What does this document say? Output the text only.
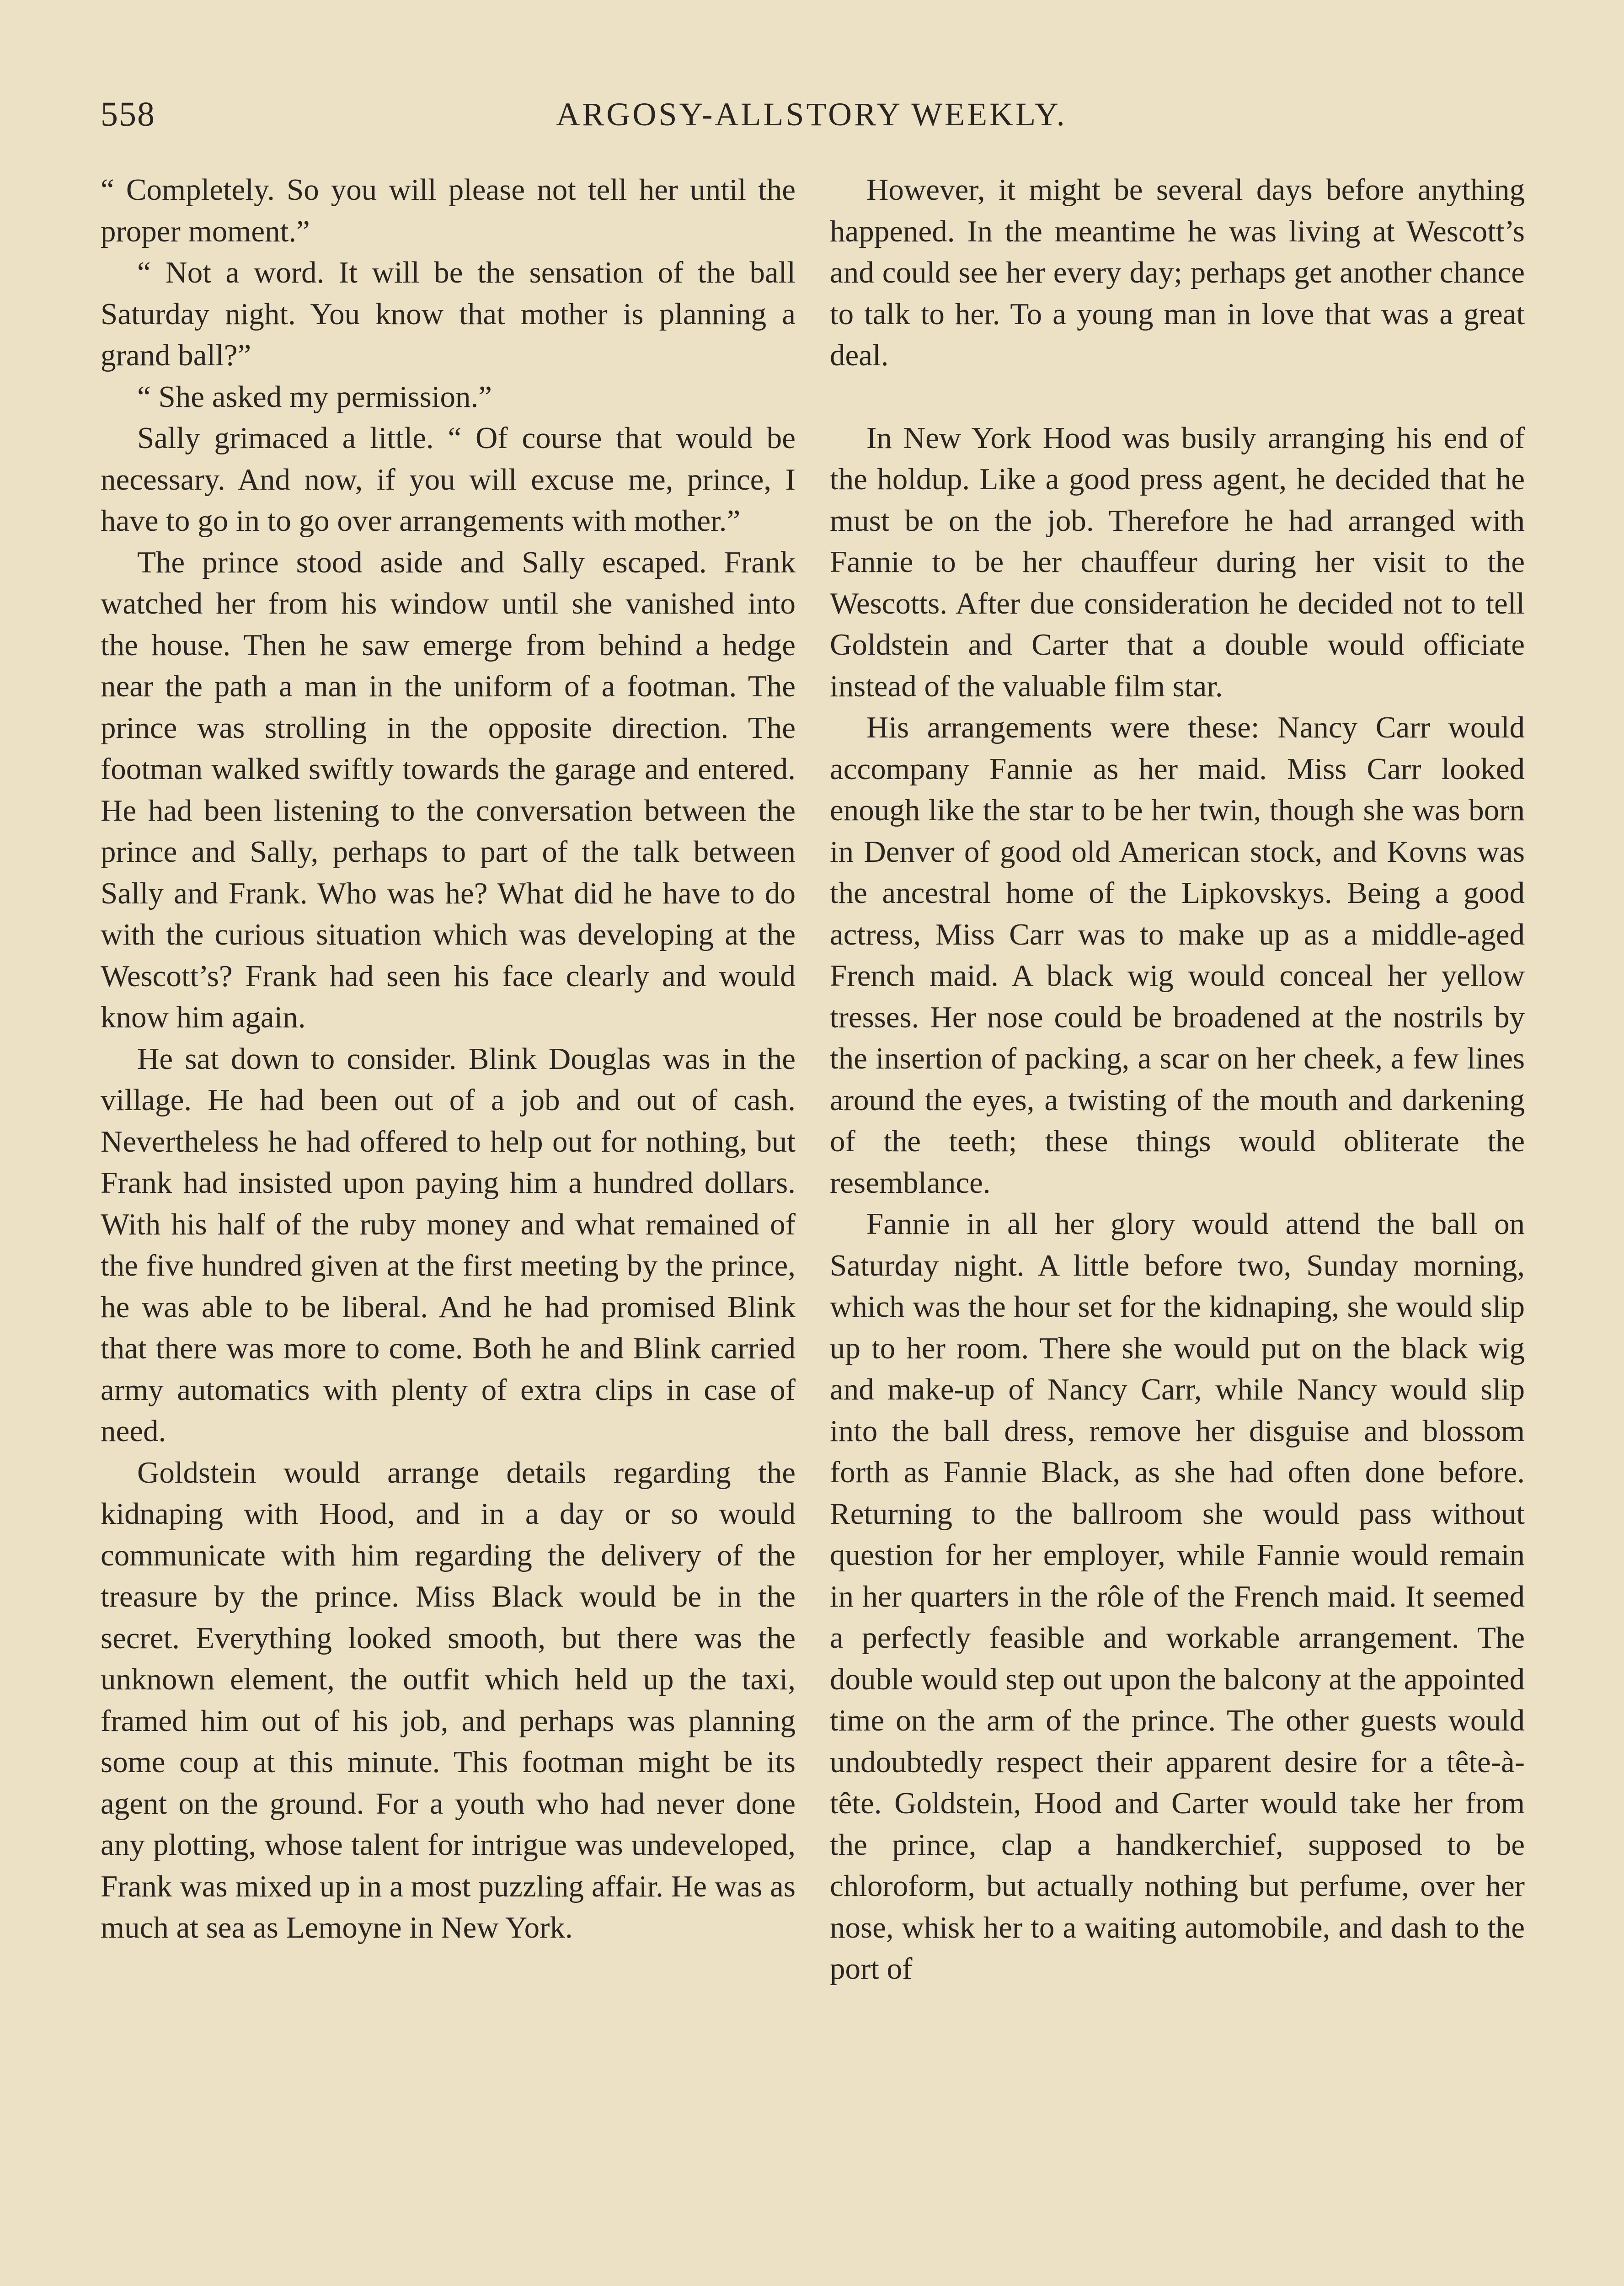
558	ARGOSY-ALLSTORY WEEKLY.

“ Completely. So you will please not tell her until the proper moment.”

“ Not a word. It will be the sensation of the ball Saturday night. You know that mother is planning a grand ball?”

“ She asked my permission.”

Sally grimaced a little. “ Of course that would be necessary. And now, if you will excuse me, prince, I have to go in to go over arrangements with mother.”

The prince stood aside and Sally escaped. Frank watched her from his window until she vanished into the house. Then he saw emerge from behind a hedge near the path a man in the uniform of a footman. The prince was strolling in the opposite direction. The footman walked swiftly towards the garage and entered. He had been listening to the conversation between the prince and Sally, perhaps to part of the talk between Sally and Frank. Who was he? What did he have to do with the curious situation which was developing at the Wescott’s? Frank had seen his face clearly and would know him again.

He sat down to consider. Blink Douglas was in the village. He had been out of a job and out of cash. Nevertheless he had offered to help out for nothing, but Frank had insisted upon paying him a hundred dollars. With his half of the ruby money and what remained of the five hundred given at the first meeting by the prince, he was able to be liberal. And he had promised Blink that there was more to come. Both he and Blink carried army automatics with plenty of extra clips in case of need.

Goldstein would arrange details regarding the kidnaping with Hood, and in a day or so would communicate with him regarding the delivery of the treasure by the prince. Miss Black would be in the secret. Everything looked smooth, but there was the unknown element, the outfit which held up the taxi, framed him out of his job, and perhaps was planning some coup at this minute. This footman might be its agent on the ground. For a youth who had never done any plotting, whose talent for intrigue was undeveloped, Frank was mixed up in a most puzzling affair. He was as much at sea as Lemoyne in New York.

However, it might be several days before anything happened. In the meantime he was living at Wescott’s and could see her every day; perhaps get another chance to talk to her. To a young man in love that was a great deal.

In New York Hood was busily arranging his end of the holdup. Like a good press agent, he decided that he must be on the job. Therefore he had arranged with Fannie to be her chauffeur during her visit to the Wescotts. After due consideration he decided not to tell Goldstein and Carter that a double would officiate instead of the valuable film star.

His arrangements were these: Nancy Carr would accompany Fannie as her maid. Miss Carr looked enough like the star to be her twin, though she was born in Denver of good old American stock, and Kovns was the ancestral home of the Lipkovskys. Being a good actress, Miss Carr was to make up as a middle-aged French maid. A black wig would conceal her yellow tresses. Her nose could be broadened at the nostrils by the insertion of packing, a scar on her cheek, a few lines around the eyes, a twisting of the mouth and darkening of the teeth; these things would obliterate the resemblance.

Fannie in all her glory would attend the ball on Saturday night. A little before two, Sunday morning, which was the hour set for the kidnaping, she would slip up to her room. There she would put on the black wig and make-up of Nancy Carr, while Nancy would slip into the ball dress, remove her disguise and blossom forth as Fannie Black, as she had often done before. Returning to the ballroom she would pass without question for her employer, while Fannie would remain in her quarters in the rôle of the French maid. It seemed a perfectly feasible and workable arrangement. The double would step out upon the balcony at the appointed time on the arm of the prince. The other guests would undoubtedly respect their apparent desire for a tête-à-tête. Goldstein, Hood and Carter would take her from the prince, clap a handkerchief, supposed to be chloroform, but actually nothing but perfume, over her nose, whisk her to a waiting automobile, and dash to the port of
